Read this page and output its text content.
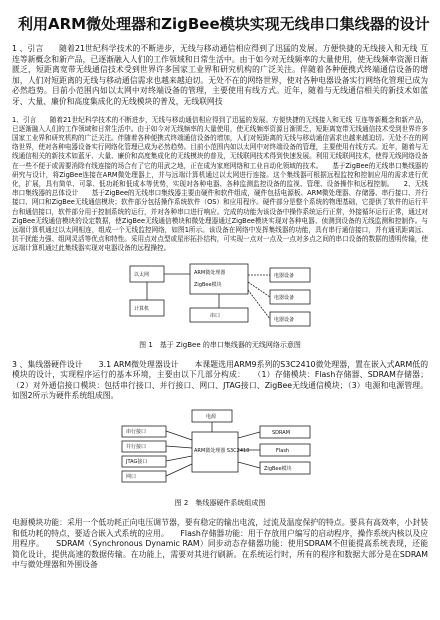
利用ARM微处理器和ZigBee模块实现无线串口集线器的设计

1 、引言　　随着21世纪科学技术的不断进步，无线与移动通信相应得到了迅猛的发展。方便快捷的无线接入和无线 互连等新概念和新产品，已逐渐融入人们的工作领域和日常生活中。由于如今对无线频率的大量使用，使无线频率资源日渐匮乏，短距离宽带无线通信技术受到世界许多国家工业界和研究机构的广泛关注。伴随着各种便携式终端通信设备的增加，人们对短距离的无线与移动通信需求也越来越迫切。无处不在的网络世界，使对各种电器设备实行网络化管理已成为必然趋势。目前小范围内如以太网中对终端设备的管理，主要使用有线方式。近年，随着与无线通信相关的新技术如蓝牙、大量、廉价和高度集成化的无线模块的普及，无线联网技

1、引言　　随着21世纪科学技术的不断进步，无线与移动通信相应得到了迅猛的发展。方便快捷的无线接入和无线 互连等新概念和新产品，已逐渐融入人们的工作领域和日常生活中。由于如今对无线频率的大量使用，使无线频率资源日渐匮乏，短距离宽带无线通信技术受到世界许多国家工业界和研究机构的广泛关注。伴随着各种便携式终端通信设备的增加，人们对短距离的无线与移动通信需求也越来越迫切。无处不在的网络世界，使对各种电器设备实行网络化管理已成为必然趋势。目前小范围内如以太网中对终端设备的管理，主要使用有线方式。近年，随着与无线通信相关的新技术如蓝牙、大量、廉价和高度集成化的无线模块的普及，无线联网技术得到快速发展。利用无线联网技术，使得无线网络设备在一些不便于或需要消除有线连接的场合有了它的用武之地，正在成为家庭网络和工业自动化领域的技术。　　基于ZigBee的无线串口集线器的研究与设计，将ZigBee连接在ARM微处理器上，并与远端计算机通过以太网进行连接。这个集线器可根据远程监控和控制应用的需求进行优化，扩展，具有简单、可靠、低功耗和低成本等优势，实现对各种电器、各种监测监控设备的监视、管理、设备操作和远程控制。　　2、无线串口集线器的总体设计　　基于ZigBee的无线串口集线器主要由硬件和软件组成，硬件包括电源板、ARM微处理器、存储器、串行接口、并行接口、网口和ZigBee无线通信模块；软件部分包括操作系统软件（OS）和应用程序。硬件部分是整个系统的物理基础，它提供了软件的运行平台和通信接口，软件部分用于控制系统的运行，并对各种串口进行响应。完成的功能为该设备中操作系统运行正常，外接循环运行正常，通过对ZigBee无线通信模块的设定数据，使ZigBee无线通信模块和微处理器通过ZigBee模块实现对各种电器、侦测到设备的无线监测和控制作。与远端计算机通过以太网相连，组成一个无线监控网络，如图1所示。该设备在网络中发挥集线器的功能，具有串行通信接口，并有通讯距离远、抗干扰能力强、组网灵活等优点和特性。采用点对点型或星形拓扑结构，可实现一点对一点及一点对多点之间的串口设备的数据的透明传输，使远端计算机通过此集线器实现对电器设备的远程操控。

以太网	ARM微处理器
ZigBee模块
计算机
电器设备
电器设备
电器设备
串口
图 1　基于 ZigBee 的串口集线器的无线网络示意图

3 、集线器硬件设计　　3.1 ARM微处理器设计　　本课题选用ARM9系列的S3C2410微处理器，置在嵌入式ARM低的模块的设计，实现程序运行的基本环境，主要由以下几部分构成：　　（1）存储模块：Flash存储器、SDRAM存储器；（2）对外通信接口模块：包括串行接口、并行接口、网口、JTAG接口、ZigBee无线通信模块；（3）电源和电源管理。如图2所示为硬件系统组成图。

电源
ARM微处理器 S3C2410
串行接口
并行接口
JTAG接口
网口
SDRAM
Flash
ZigBee模块
图 2　集线器硬件系统组成图

电源模块功能：采用一个低功耗正向电压调节器，要有稳定的输出电流，过流及温度保护的特点。要具有高效率，小封装和低功耗的特点，要适合嵌入式系统的应用。　　Flash存储器功能：用于存放用户编写的启动程序，操作系统内核以及应用程序。　　SDRAM（Synchronous Dynamic RAM）同步动态存储器功能：使用SDRAM不但能提高系统表现，还能简化设计，提供高速的数据传输。在功能上，需要对其进行刷新。在系统运行时，所有的程序和数据大部分是在SDRAM中与微处理器和外围设备
